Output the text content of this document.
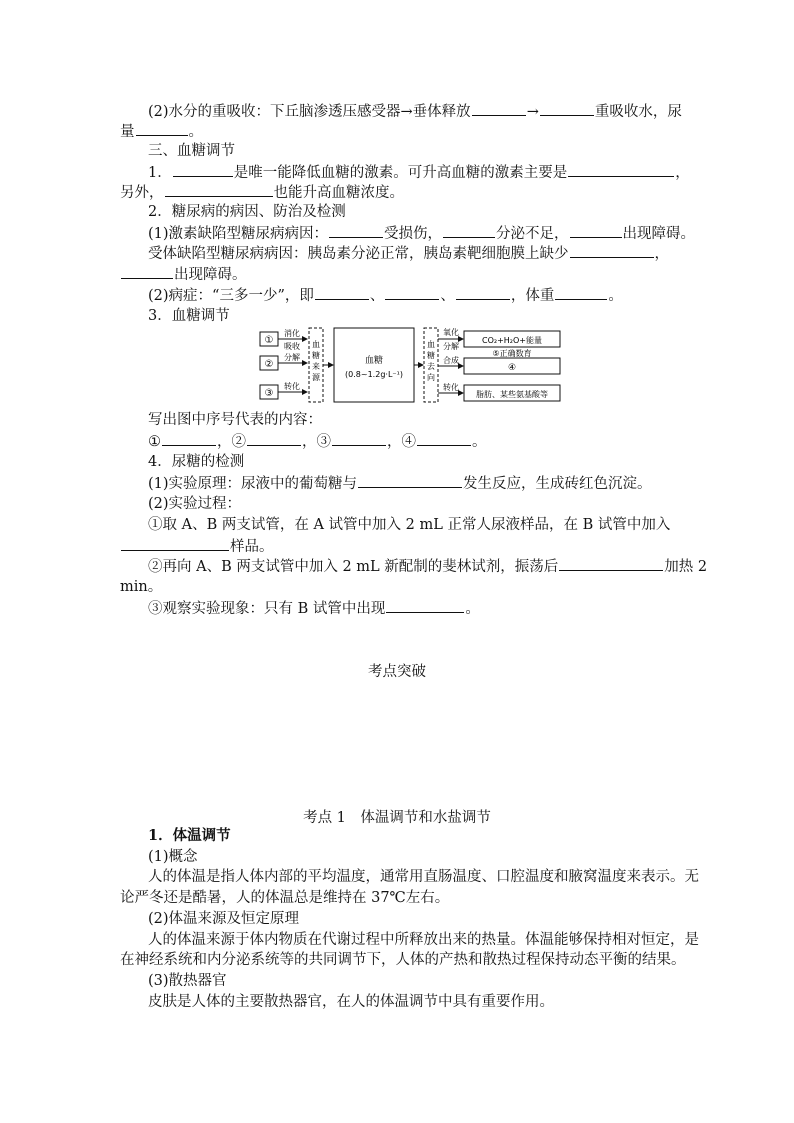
(2)水分的重吸收：下丘脑渗透压感受器→垂体释放	→	重吸收水，尿
量	。
三、血糖调节
1．	是唯一能降低血糖的激素。可升高血糖的激素主要是	，
另外，	也能升高血糖浓度。
2．糖尿病的病因、防治及检测
(1)激素缺陷型糖尿病病因：	受损伤，	分泌不足，	出现障碍。
受体缺陷型糖尿病病因：胰岛素分泌正常，胰岛素靶细胞膜上缺少	，
出现障碍。
(2)病症：“三多一少”，即	、	、	，体重	。
3．血糖调节
①
②
③
消化
吸收
分解
转化
血
糖
来
源
血糖
(0.8~1.2g·L⁻¹)
血
糖
去
向
氧化
分解
合成
转化
CO₂+H₂O+能量
⑤正确数育
④
脂肪、某些氨基酸等
写出图中序号代表的内容：
①	，②	，③	，④	。
4．尿糖的检测
(1)实验原理：尿液中的葡萄糖与	发生反应，生成砖红色沉淀。
(2)实验过程：
①取 A、B 两支试管，在 A 试管中加入 2 mL 正常人尿液样品，在 B 试管中加入
样品。
②再向 A、B 两支试管中加入 2 mL 新配制的斐林试剂，振荡后	加热 2
min。
③观察实验现象：只有 B 试管中出现	。
考点突破
考点 1　体温调节和水盐调节
1．体温调节
(1)概念
人的体温是指人体内部的平均温度，通常用直肠温度、口腔温度和腋窝温度来表示。无
论严冬还是酷暑，人的体温总是维持在 37℃左右。
(2)体温来源及恒定原理
人的体温来源于体内物质在代谢过程中所释放出来的热量。体温能够保持相对恒定，是
在神经系统和内分泌系统等的共同调节下，人体的产热和散热过程保持动态平衡的结果。
(3)散热器官
皮肤是人体的主要散热器官，在人的体温调节中具有重要作用。
